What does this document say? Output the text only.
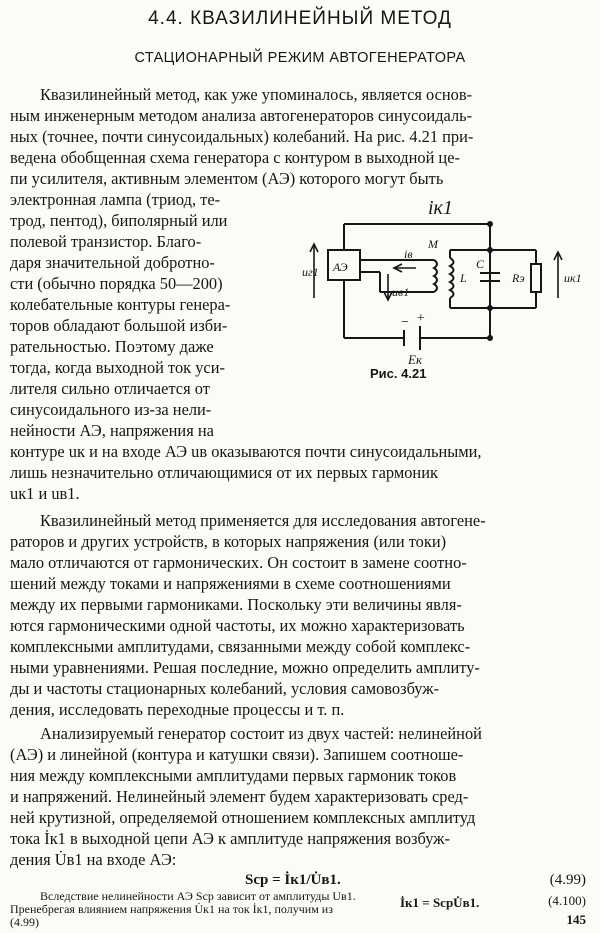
4.4. КВАЗИЛИНЕЙНЫЙ МЕТОД
СТАЦИОНАРНЫЙ РЕЖИМ АВТОГЕНЕРАТОРА
Квазилинейный метод, как уже упоминалось, является основ-
ным инженерным методом анализа автогенераторов синусоидаль-
ных (точнее, почти синусоидальных) колебаний. На рис. 4.21 при-
ведена обобщенная схема генератора с контуром в выходной це-
пи усилителя, активным элементом (АЭ) которого могут быть
электронная лампа (триод, те-
трод, пентод), биполярный или
полевой транзистор. Благо-
даря значительной добротно-
сти (обычно порядка 50—200)
колебательные контуры генера-
торов обладают большой изби-
рательностью. Поэтому даже
тогда, когда выходной ток уси-
лителя сильно отличается от
синусоидального из-за нели-
нейности АЭ, напряжения на
контуре uк и на входе АЭ uв оказываются почти синусоидальными,
лишь незначительно отличающимися от их первых гармоник
uк1 и uв1.
iк1
АЭ
uг1
iв
uв1
M
L
C
Rэ	uк1
− +
Eк
Рис. 4.21
Квазилинейный метод применяется для исследования автогене-
раторов и других устройств, в которых напряжения (или токи)
мало отличаются от гармонических. Он состоит в замене соотно-
шений между токами и напряжениями в схеме соотношениями
между их первыми гармониками. Поскольку эти величины явля-
ются гармоническими одной частоты, их можно характеризовать
комплексными амплитудами, связанными между собой комплекс-
ными уравнениями. Решая последние, можно определить амплиту-
ды и частоты стационарных колебаний, условия самовозбуж-
дения, исследовать переходные процессы и т. п.
Анализируемый генератор состоит из двух частей: нелинейной
(АЭ) и линейной (контура и катушки связи). Запишем соотноше-
ния между комплексными амплитудами первых гармоник токов
и напряжений. Нелинейный элемент будем характеризовать сред-
ней крутизной, определяемой отношением комплексных амплитуд
тока İк1 в выходной цепи АЭ к амплитуде напряжения возбуж-
дения U̇в1 на входе АЭ:
Sср = İк1/U̇в1.	(4.99)
Вследствие нелинейности АЭ Sср зависит от амплитуды Uв1.
Пренебрегая влиянием напряжения U̇к1 на ток İк1, получим из
(4.99)
İк1 = SсрU̇в1.	(4.100)
145
